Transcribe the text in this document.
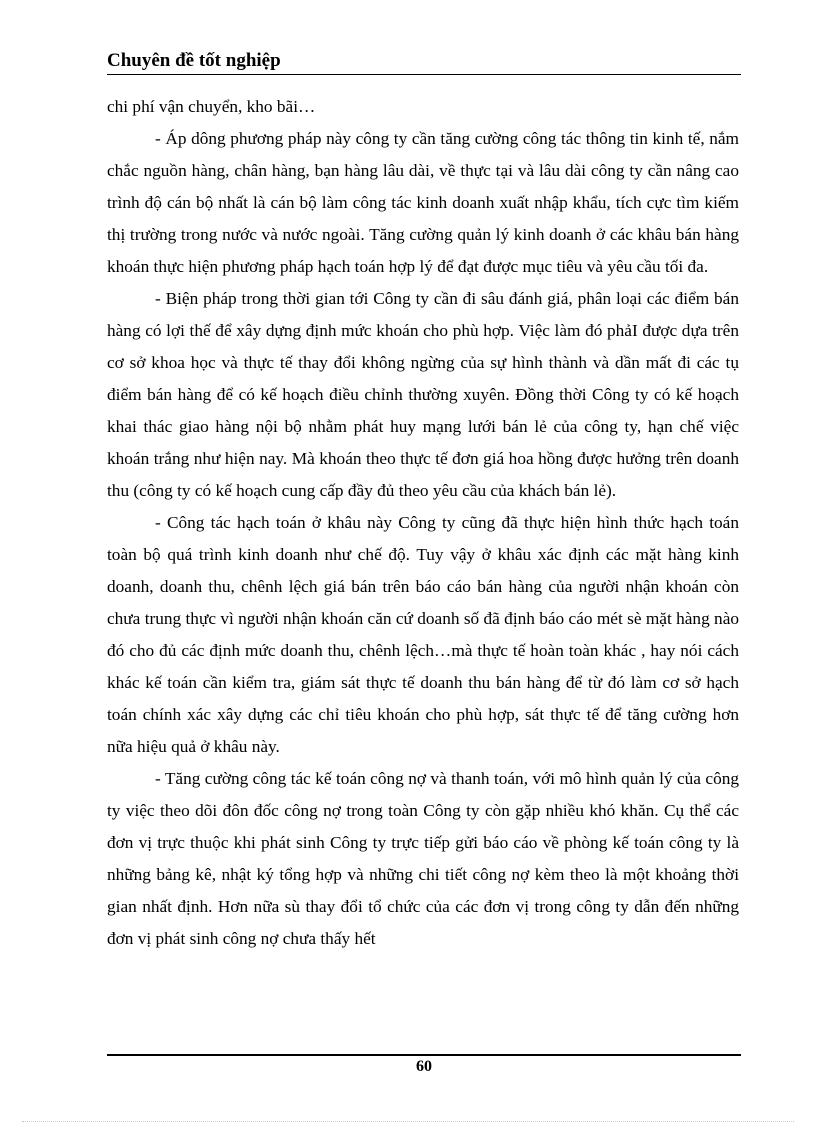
Chuyên đề tốt nghiệp

chi phí vận chuyển, kho bãi…

- Áp dông phương pháp này công ty cần tăng cường công tác thông tin kinh tế, nắm chắc nguồn hàng, chân hàng, bạn hàng lâu dài, về thực tại và lâu dài công ty cần nâng cao trình độ cán bộ nhất là cán bộ làm công tác kinh doanh xuất nhập khẩu, tích cực tìm kiếm thị trường trong nước và nước ngoài. Tăng cường quản lý kinh doanh ở các khâu bán hàng khoán thực hiện phương pháp hạch toán hợp lý để đạt được mục tiêu và yêu cầu tối đa.

- Biện pháp trong thời gian tới Công ty cần đi sâu đánh giá, phân loại các điểm bán hàng có lợi thế để xây dựng định mức khoán cho phù hợp. Việc làm đó phảI được dựa trên cơ sở khoa học và thực tế thay đổi không ngừng của sự hình thành và dần mất đi các tụ điểm bán hàng để có kế hoạch điều chỉnh thường xuyên. Đồng thời Công ty có kế hoạch khai thác giao hàng nội bộ nhằm phát huy mạng lưới bán lẻ của công ty, hạn chế việc khoán trắng như hiện nay. Mà khoán theo thực tế đơn giá hoa hồng được hưởng trên doanh thu (công ty có kế hoạch cung cấp đầy đủ theo yêu cầu của khách bán lẻ).

- Công tác hạch toán ở khâu này Công ty cũng đã thực hiện hình thức hạch toán toàn bộ quá trình kinh doanh như chế độ. Tuy vậy ở khâu xác định các mặt hàng kinh doanh, doanh thu, chênh lệch giá bán trên báo cáo bán hàng của người nhận khoán còn chưa trung thực vì người nhận khoán căn cứ doanh số đã định báo cáo mét sè mặt hàng nào đó cho đủ các định mức doanh thu, chênh lệch…mà thực tế hoàn toàn khác , hay nói cách khác kế toán cần kiểm tra, giám sát thực tế doanh thu bán hàng để từ đó làm cơ sở hạch toán chính xác xây dựng các chỉ tiêu khoán cho phù hợp, sát thực tế để tăng cường hơn nữa hiệu quả ở khâu này.

- Tăng cường công tác kế toán công nợ và thanh toán, với mô hình quản lý của công ty việc theo dõi đôn đốc công nợ trong toàn Công ty còn gặp nhiều khó khăn. Cụ thể các đơn vị trực thuộc khi phát sinh Công ty trực tiếp gửi báo cáo về phòng kế toán công ty là những bảng kê, nhật ký tổng hợp và những chi tiết công nợ kèm theo là một khoảng thời gian nhất định. Hơn nữa sù thay đổi tổ chức của các đơn vị trong công ty dẫn đến những đơn vị phát sinh công nợ chưa thấy hết

60
